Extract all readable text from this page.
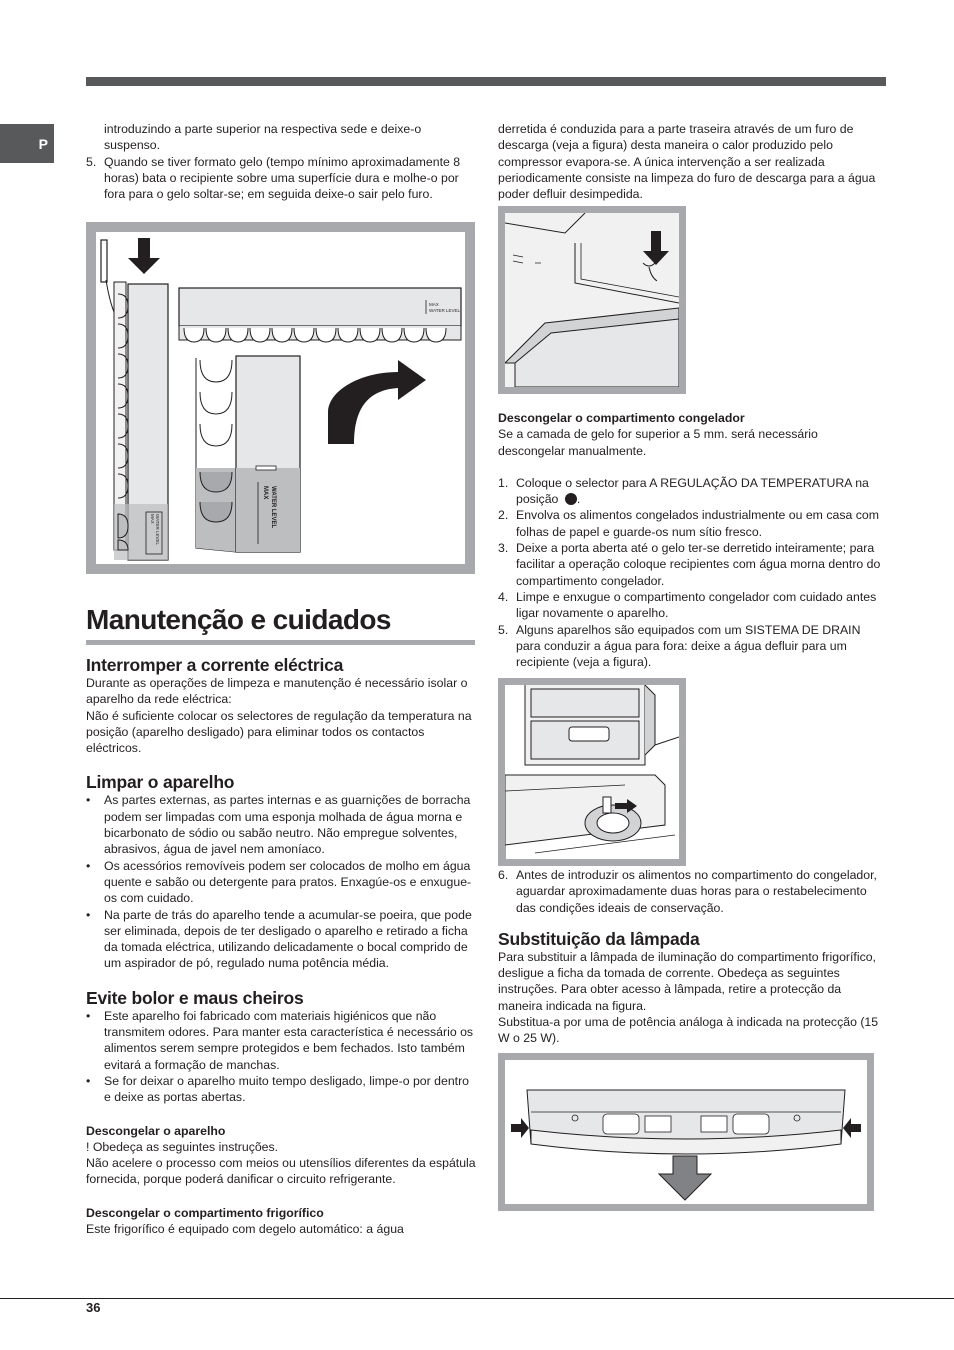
P
36
introduzindo a parte superior na respectiva sede e deixe-o suspenso.
5. Quando se tiver formato gelo (tempo mínimo aproximadamente 8 horas) bata o recipiente sobre uma superfície dura e molhe-o por fora para o gelo soltar-se; em seguida deixe-o sair pelo furo.
MAX WATER LEVEL
MAX
WATER LEVEL
MAX WATER LEVEL
Manutenção e cuidados
Interromper a corrente eléctrica

Durante as operações de limpeza e manutenção é necessário isolar o aparelho da rede eléctrica:

Não é suficiente colocar os selectores de regulação da temperatura na posição (aparelho desligado) para eliminar todos os contactos eléctricos.

Limpar o aparelho
•	As partes externas, as partes internas e as guarnições de borracha podem ser limpadas com uma esponja molhada de água morna e bicarbonato de sódio ou sabão neutro. Não empregue solventes, abrasivos, água de javel nem amoníaco.
•	Os acessórios removíveis podem ser colocados de molho em água quente e sabão ou detergente para pratos. Enxagúe-os e enxugue-os com cuidado.
•	Na parte de trás do aparelho tende a acumular-se poeira, que pode ser eliminada, depois de ter desligado o aparelho e retirado a ficha da tomada eléctrica, utilizando delicadamente o bocal comprido de um aspirador de pó, regulado numa potência média.
Evite bolor e maus cheiros
•	Este aparelho foi fabricado com materiais higiénicos que não transmitem odores. Para manter esta característica é necessário os alimentos serem sempre protegidos e bem fechados. Isto também evitará a formação de manchas.
•	Se for deixar o aparelho muito tempo desligado, limpe-o por dentro e deixe as portas abertas.
Descongelar o aparelho

! Obedeça as seguintes instruções.

Não acelere o processo com meios ou utensílios diferentes da espátula fornecida, porque poderá danificar o circuito refrigerante.

Descongelar o compartimento frigorífico

Este frigorífico é equipado com degelo automático: a água

derretida é conduzida para a parte traseira através de um furo de descarga (veja a figura) desta maneira o calor produzido pelo compressor evapora-se. A única intervenção a ser realizada periodicamente consiste na limpeza do furo de descarga para a água poder defluir desimpedida.

Descongelar o compartimento congelador

Se a camada de gelo for superior a 5 mm. será necessário descongelar manualmente.

1. Coloque o selector para A REGULAÇÃO DA TEMPERATURA na posição .
2. Envolva os alimentos congelados industrialmente ou em casa com folhas de papel e guarde-os num sítio fresco.
3. Deixe a porta aberta até o gelo ter-se derretido inteiramente; para facilitar a operação coloque recipientes com água morna dentro do compartimento congelador.
4. Limpe e enxugue o compartimento congelador com cuidado antes ligar novamente o aparelho.
5. Alguns aparelhos são equipados com um SISTEMA DE DRAIN para conduzir a água para fora: deixe a água defluir para um recipiente (veja a figura).
6. Antes de introduzir os alimentos no compartimento do congelador, aguardar aproximadamente duas horas para o restabelecimento das condições ideais de conservação.
Substituição da lâmpada

Para substituir a lâmpada de iluminação do compartimento frigorífico, desligue a ficha da tomada de corrente. Obedeça as seguintes instruções. Para obter acesso à lâmpada, retire a protecção da maneira indicada na figura.

Substitua-a por uma de potência análoga à indicada na protecção (15 W o 25 W).
